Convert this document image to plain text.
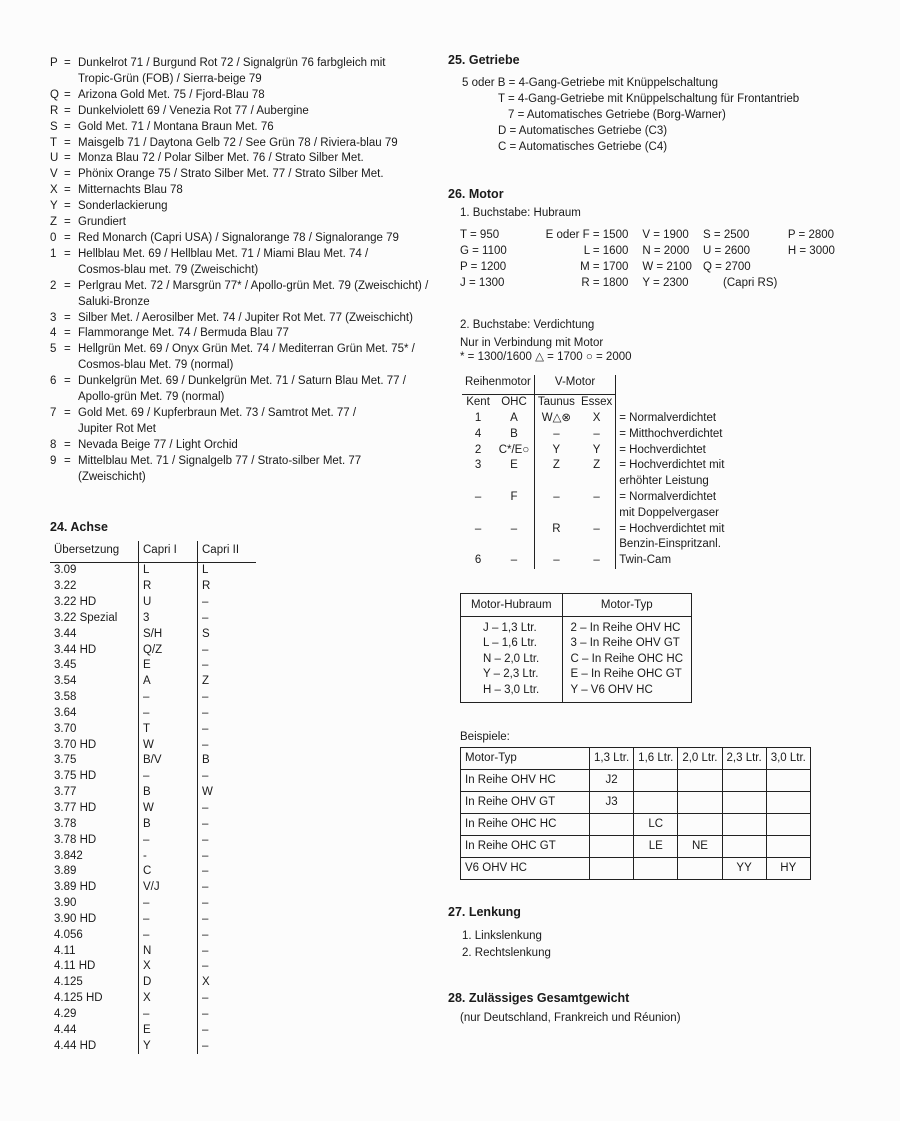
P = Dunkelrot 71 / Burgund Rot 72 / Signalgrün 76 farbgleich mit
Tropic-Grün (FOB) / Sierra-beige 79
Q = Arizona Gold Met. 75 / Fjord-Blau 78
R = Dunkelviolett 69 / Venezia Rot 77 / Aubergine
S = Gold Met. 71 / Montana Braun Met. 76
T = Maisgelb 71 / Daytona Gelb 72 / See Grün 78 / Riviera-blau 79
U = Monza Blau 72 / Polar Silber Met. 76 / Strato Silber Met.
V = Phönix Orange 75 / Strato Silber Met. 77 / Strato Silber Met.
X = Mitternachts Blau 78
Y = Sonderlackierung
Z = Grundiert
0 = Red Monarch (Capri USA) / Signalorange 78 / Signalorange 79
1 = Hellblau Met. 69 / Hellblau Met. 71 / Miami Blau Met. 74 /
Cosmos-blau met. 79 (Zweischicht)
2 = Perlgrau Met. 72 / Marsgrün 77* / Apollo-grün Met. 79 (Zweischicht) /
Saluki-Bronze
3 = Silber Met. / Aerosilber Met. 74 / Jupiter Rot Met. 77 (Zweischicht)
4 = Flammorange Met. 74 / Bermuda Blau 77
5 = Hellgrün Met. 69 / Onyx Grün Met. 74 / Mediterran Grün Met. 75* /
Cosmos-blau Met. 79 (normal)
6 = Dunkelgrün Met. 69 / Dunkelgrün Met. 71 / Saturn Blau Met. 77 /
Apollo-grün Met. 79 (normal)
7 = Gold Met. 69 / Kupferbraun Met. 73 / Samtrot Met. 77 /
Jupiter Rot Met
8 = Nevada Beige 77 / Light Orchid
9 = Mittelblau Met. 71 / Signalgelb 77 / Strato-silber Met. 77
(Zweischicht)
24. Achse
Übersetzung	Capri I	Capri II
3.09	L	L
3.22	R	R
3.22 HD	U	–
3.22 Spezial	3	–
3.44	S/H	S
3.44 HD	Q/Z	–
3.45	E	–
3.54	A	Z
3.58	–	–
3.64	–	–
3.70	T	–
3.70 HD	W	–
3.75	B/V	B
3.75 HD	–	–
3.77	B	W
3.77 HD	W	–
3.78	B	–
3.78 HD	–	–
3.842	-	–
3.89	C	–
3.89 HD	V/J	–
3.90	–	–
3.90 HD	–	–
4.056	–	–
4.11	N	–
4.11 HD	X	–
4.125	D	X
4.125 HD	X	–
4.29	–	–
4.44	E	–
4.44 HD	Y	–
25. Getriebe
5 oder B = 4-Gang-Getriebe mit Knüppelschaltung
T = 4-Gang-Getriebe mit Knüppelschaltung für Frontantrieb
7 = Automatisches Getriebe (Borg-Warner)
D = Automatisches Getriebe (C3)
C = Automatisches Getriebe (C4)
26. Motor
1. Buchstabe: Hubraum
T = 950	E oder F = 1500	V = 1900	S = 2500	P = 2800
G = 1100	L = 1600	N = 2000	U = 2600	H = 3000
P = 1200	M = 1700	W = 2100	Q = 2700	
J = 1300	R = 1800	Y = 2300	(Capri RS)	
2. Buchstabe: Verdichtung
Nur in Verbindung mit Motor
* = 1300/1600 △ = 1700 ○ = 2000
Reihenmotor		V-Motor		
Kent	OHC	Taunus	Essex	
1	A	W△⊗	X	= Normalverdichtet
4	B	–	–	= Mitthochverdichtet
2	C*/E○	Y	Y	= Hochverdichtet
3	E	Z	Z	= Hochverdichtet mit
				erhöhter Leistung
–	F	–	–	= Normalverdichtet
				mit Doppelvergaser
–	–	R	–	= Hochverdichtet mit
				Benzin-Einspritzanl.
6	–	–	–	Twin-Cam
Motor-Hubraum	Motor-Typ
J – 1,3 Ltr.	2 – In Reihe OHV HC
L – 1,6 Ltr.	3 – In Reihe OHV GT
N – 2,0 Ltr.	C – In Reihe OHC HC
Y – 2,3 Ltr.	E – In Reihe OHC GT
H – 3,0 Ltr.	Y – V6 OHV HC
Beispiele:
Motor-Typ	1,3 Ltr.	1,6 Ltr.	2,0 Ltr.	2,3 Ltr.	3,0 Ltr.
In Reihe OHV HC	J2				
In Reihe OHV GT	J3				
In Reihe OHC HC		LC			
In Reihe OHC GT		LE	NE		
V6 OHV HC				YY	HY
27. Lenkung
1. Linkslenkung
2. Rechtslenkung
28. Zulässiges Gesamtgewicht
(nur Deutschland, Frankreich und Réunion)
